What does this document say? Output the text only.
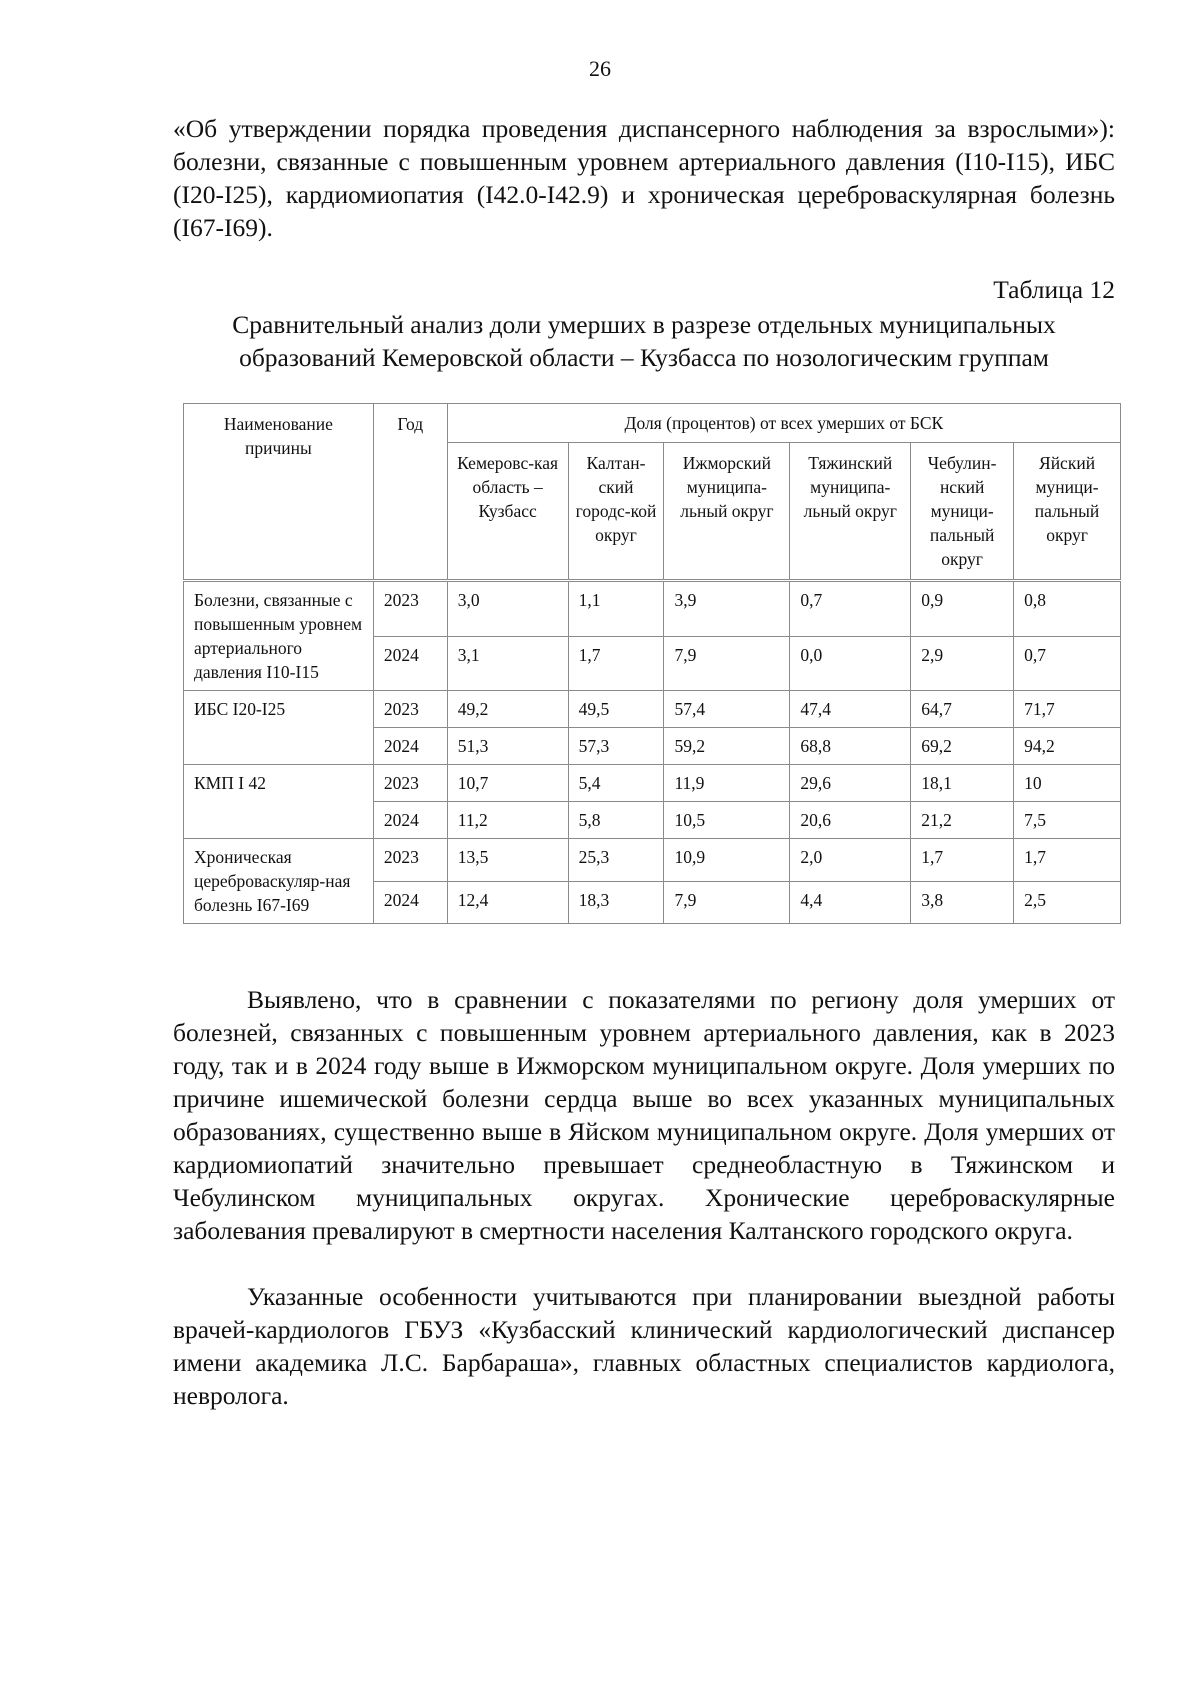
26

«Об утверждении порядка проведения диспансерного наблюдения за взрослыми»): болезни, связанные с повышенным уровнем артериального давления (I10-I15), ИБС (I20-I25), кардиомиопатия (I42.0-I42.9) и хроническая цереброваскулярная болезнь (I67-I69).

Таблица 12

Сравнительный анализ доли умерших в разрезе отдельных муниципальных образований Кемеровской области – Кузбасса по нозологическим группам

Наименование причины	Год	Доля (процентов) от всех умерших от БСК					
		Кемеровс-кая область – Кузбасс	Калтан-ский городс-кой округ	Ижморский муниципа-льный округ	Тяжинский муниципа-льный округ	Чебулин-нский муници-пальный округ	Яйский муници-пальный округ
Болезни, связанные с повышенным уровнем артериального давления I10-I15	2023	3,0	1,1	3,9	0,7	0,9	0,8
	2024	3,1	1,7	7,9	0,0	2,9	0,7
ИБС I20-I25	2023	49,2	49,5	57,4	47,4	64,7	71,7
	2024	51,3	57,3	59,2	68,8	69,2	94,2
КМП I 42	2023	10,7	5,4	11,9	29,6	18,1	10
	2024	11,2	5,8	10,5	20,6	21,2	7,5
Хроническая цереброваскуляр-ная болезнь I67-I69	2023	13,5	25,3	10,9	2,0	1,7	1,7
	2024	12,4	18,3	7,9	4,4	3,8	2,5

Выявлено, что в сравнении с показателями по региону доля умерших от болезней, связанных с повышенным уровнем артериального давления, как в 2023 году, так и в 2024 году выше в Ижморском муниципальном округе. Доля умерших по причине ишемической болезни сердца выше во всех указанных муниципальных образованиях, существенно выше в Яйском муниципальном округе. Доля умерших от кардиомиопатий значительно превышает среднеобластную в Тяжинском и Чебулинском муниципальных округах. Хронические цереброваскулярные заболевания превалируют в смертности населения Калтанского городского округа.

Указанные особенности учитываются при планировании выездной работы врачей-кардиологов ГБУЗ «Кузбасский клинический кардиологический диспансер имени академика Л.С. Барбараша», главных областных специалистов кардиолога, невролога.
